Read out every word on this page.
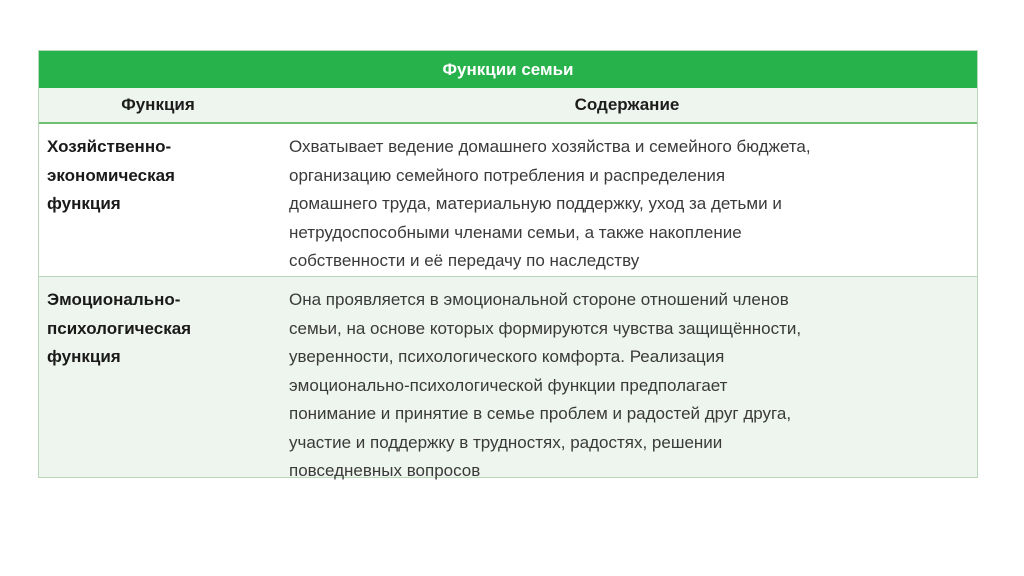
Функции семьи
Функция	Содержание
Хозяйственно-
экономическая
функция
Охватывает ведение домашнего хозяйства и семейного бюджета,
организацию семейного потребления и распределения
домашнего труда, материальную поддержку, уход за детьми и
нетрудоспособными членами семьи, а также накопление
собственности и её передачу по наследству
Эмоционально-
психологическая
функция
Она проявляется в эмоциональной стороне отношений членов
семьи, на основе которых формируются чувства защищённости,
уверенности, психологического комфорта. Реализация
эмоционально-психологической функции предполагает
понимание и принятие в семье проблем и радостей друг друга,
участие и поддержку в трудностях, радостях, решении
повседневных вопросов
